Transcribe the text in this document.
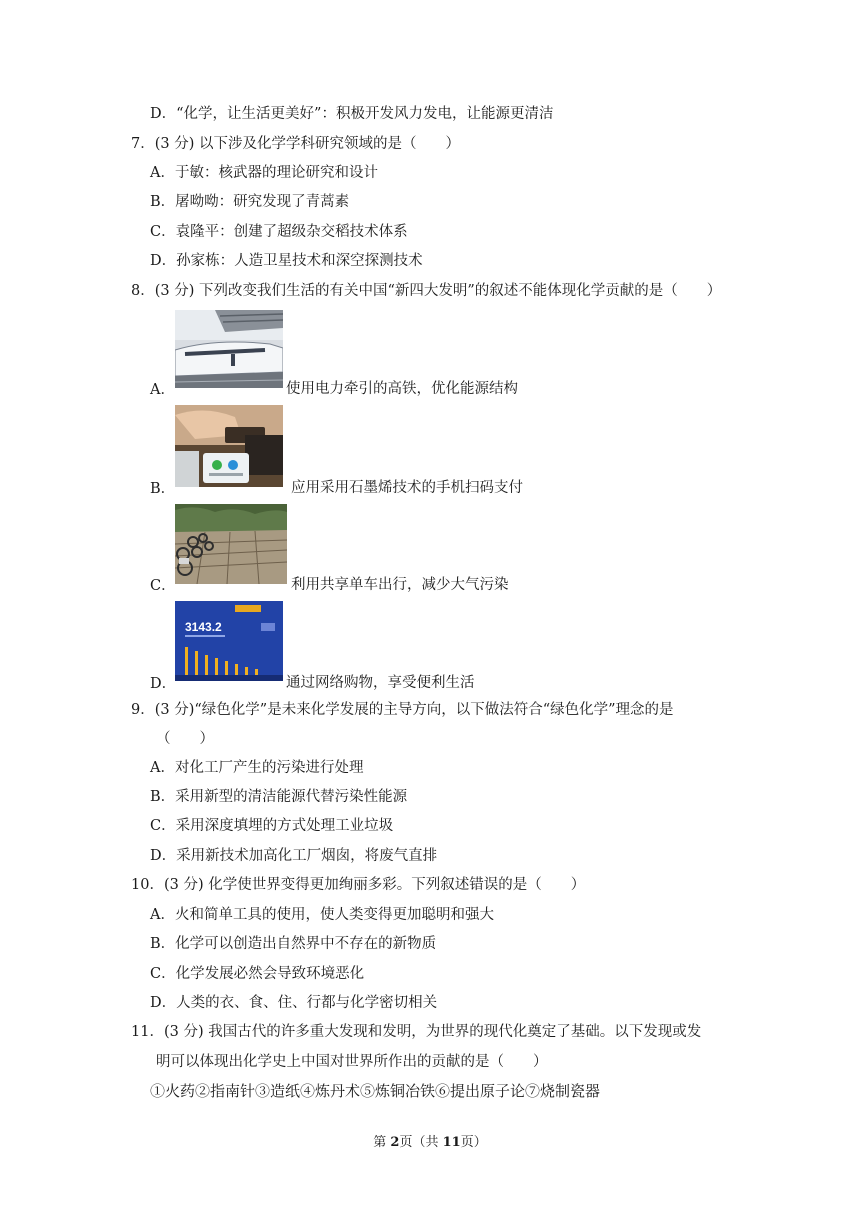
D．“化学，让生活更美好”：积极开发风力发电，让能源更清洁
7．(3 分) 以下涉及化学学科研究领域的是（　　）
A．于敏：核武器的理论研究和设计
B．屠呦呦：研究发现了青蒿素
C．袁隆平：创建了超级杂交稻技术体系
D．孙家栋：人造卫星技术和深空探测技术
8．(3 分) 下列改变我们生活的有关中国“新四大发明”的叙述不能体现化学贡献的是（　　）
A．	使用电力牵引的高铁，优化能源结构
B．	应用采用石墨烯技术的手机扫码支付
C．	利用共享单车出行，减少大气污染
3143.2
D．	通过网络购物，享受便利生活
9．(3 分)“绿色化学”是未来化学发展的主导方向，以下做法符合“绿色化学”理念的是
（　　）
A．对化工厂产生的污染进行处理
B．采用新型的清洁能源代替污染性能源
C．采用深度填埋的方式处理工业垃圾
D．采用新技术加高化工厂烟囱，将废气直排
10．(3 分) 化学使世界变得更加绚丽多彩。下列叙述错误的是（　　）
A．火和简单工具的使用，使人类变得更加聪明和强大
B．化学可以创造出自然界中不存在的新物质
C．化学发展必然会导致环境恶化
D．人类的衣、食、住、行都与化学密切相关
11．(3 分) 我国古代的许多重大发现和发明，为世界的现代化奠定了基础。以下发现或发
明可以体现出化学史上中国对世界所作出的贡献的是（　　）
①火药②指南针③造纸④炼丹术⑤炼铜冶铁⑥提出原子论⑦烧制瓷器
第 2页（共 11页）
